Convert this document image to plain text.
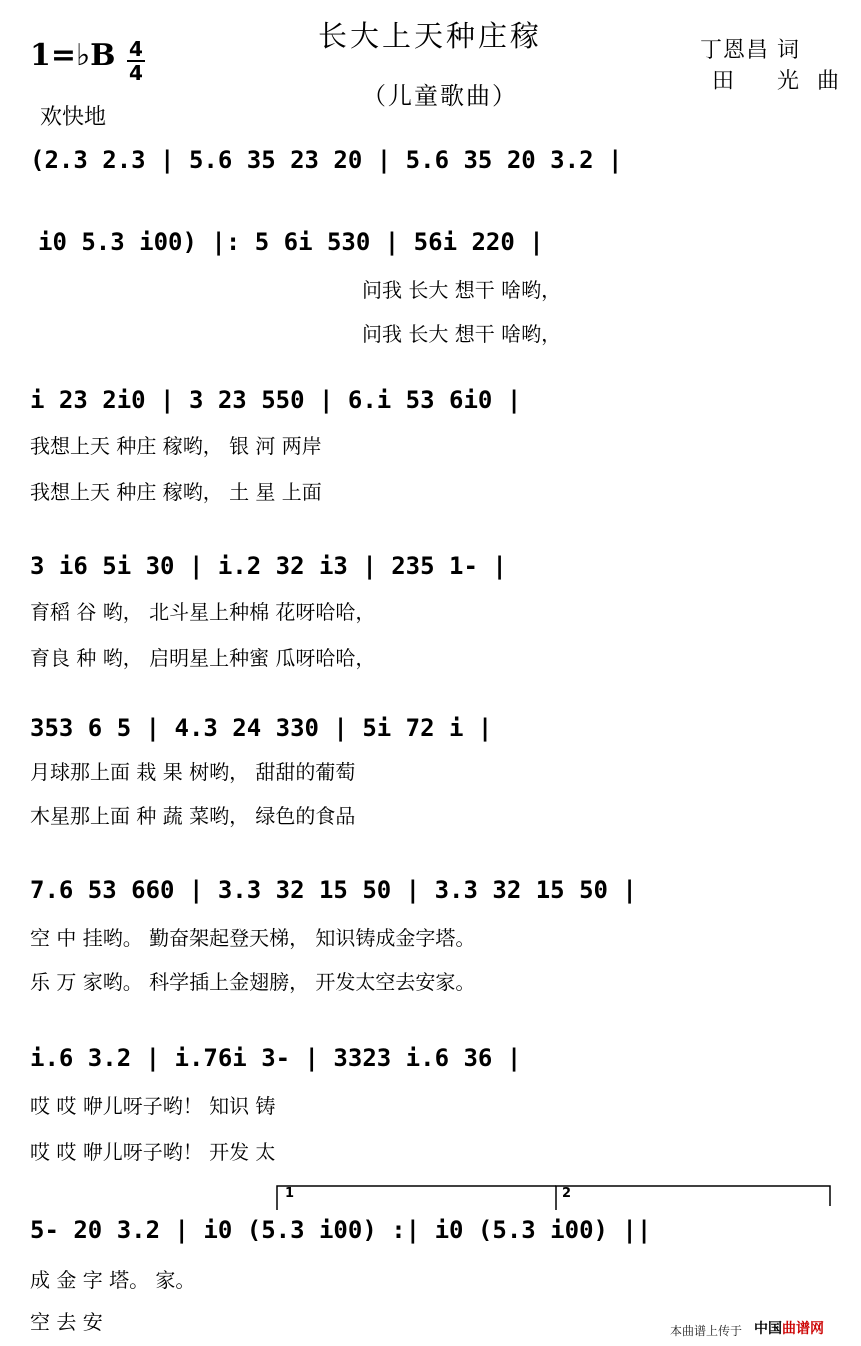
长大上天种庄稼
（儿童歌曲）
1=♭B 4
4
欢快地
丁恩昌 词
田 光曲
(2.3 2.3 | 5.6 35 23 20 | 5.6 35 20 3.2 |
i0 5.3 i00) |: 5 6i 530 | 56i 220 |
问我 长大 想干 啥哟，
问我 长大 想干 啥哟，
i 23 2i0 | 3 23 550 | 6.i 53 6i0 |
我想上天 种庄 稼哟， 银 河 两岸
我想上天 种庄 稼哟， 土 星 上面
3 i6 5i 30 | i.2 32 i3 | 235 1- |
育稻 谷 哟， 北斗星上种棉 花呀哈哈，
育良 种 哟， 启明星上种蜜 瓜呀哈哈，
353 6 5 | 4.3 24 330 | 5i 72 i |
月球那上面 栽 果 树哟， 甜甜的葡萄
木星那上面 种 蔬 菜哟， 绿色的食品
7.6 53 660 | 3.3 32 15 50 | 3.3 32 15 50 |
空 中 挂哟。 勤奋架起登天梯， 知识铸成金字塔。
乐 万 家哟。 科学插上金翅膀， 开发太空去安家。
i.6 3.2 | i.76i 3- | 3323 i.6 36 |
哎 哎 咿儿呀子哟！ 知识 铸
哎 哎 咿儿呀子哟！ 开发 太
5- 20 3.2 | i0 (5.3 i00) :| i0 (5.3 i00) ||
成 金 字 塔。 家。
空 去 安
1	2
本曲谱上传于 中国曲谱网
